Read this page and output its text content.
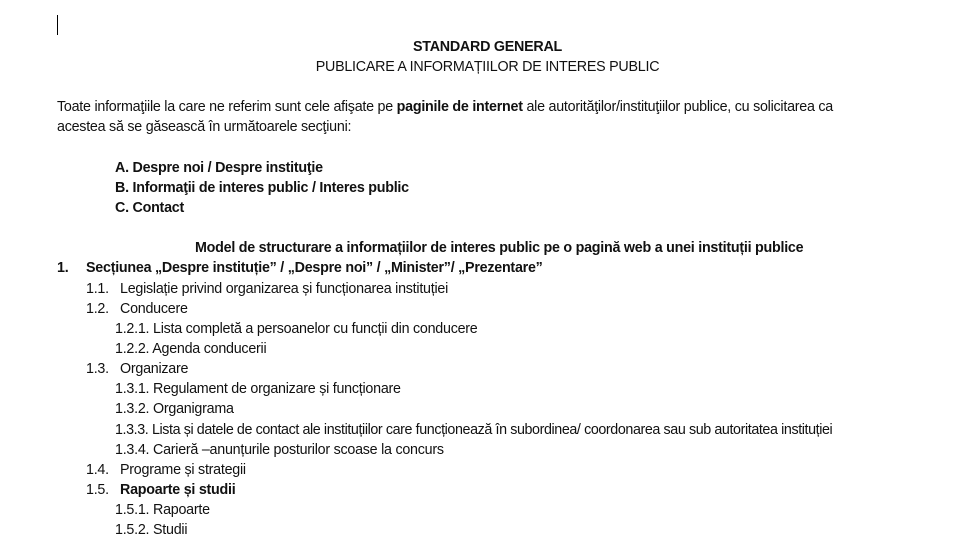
STANDARD GENERAL
PUBLICARE A INFORMAȚIILOR DE INTERES PUBLIC
Toate informaţiile la care ne referim sunt cele afişate pe paginile de internet ale autorităţilor/instituţiilor publice, cu solicitarea ca
acestea să se găsească în următoarele secţiuni:
A. Despre noi / Despre instituţie
B. Informaţii de interes public / Interes public
C. Contact
Model de structurare a informațiilor de interes public pe o pagină web a unei instituții publice
1. Secțiunea „Despre instituție” / „Despre noi” / „Minister”/ „Prezentare”
1.1. Legislație privind organizarea și funcționarea instituției
1.2. Conducere
1.2.1. Lista completă a persoanelor cu funcții din conducere
1.2.2. Agenda conducerii
1.3. Organizare
1.3.1. Regulament de organizare și funcționare
1.3.2. Organigrama
1.3.3. Lista și datele de contact ale instituțiilor care funcționează în subordinea/ coordonarea sau sub autoritatea instituției
1.3.4. Carieră –anunțurile posturilor scoase la concurs
1.4. Programe și strategii
1.5. Rapoarte și studii
1.5.1. Rapoarte
1.5.2. Studii
